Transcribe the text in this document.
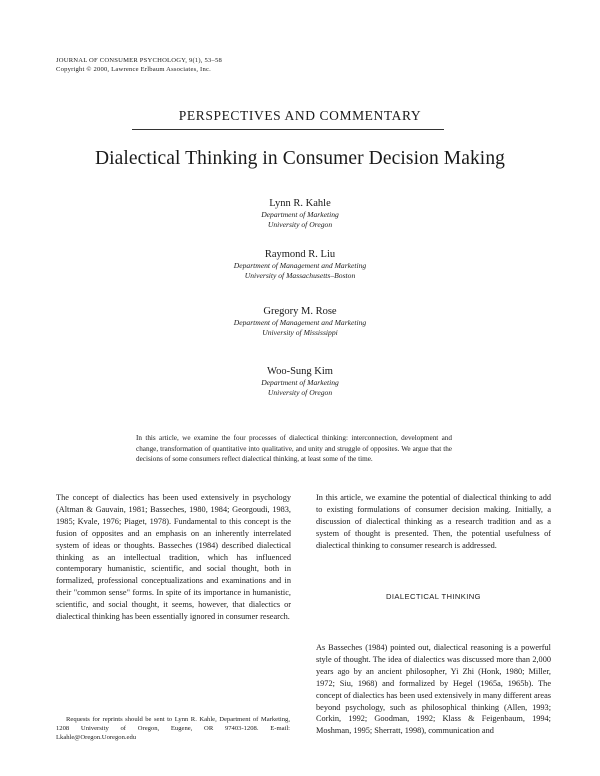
JOURNAL OF CONSUMER PSYCHOLOGY, 9(1), 53–58
Copyright © 2000, Lawrence Erlbaum Associates, Inc.
PERSPECTIVES AND COMMENTARY
Dialectical Thinking in Consumer Decision Making
Lynn R. Kahle
Department of Marketing
University of Oregon
Raymond R. Liu
Department of Management and Marketing
University of Massachusetts–Boston
Gregory M. Rose
Department of Management and Marketing
University of Mississippi
Woo-Sung Kim
Department of Marketing
University of Oregon
In this article, we examine the four processes of dialectical thinking: interconnection, development and change, transformation of quantitative into qualitative, and unity and struggle of opposites. We argue that the decisions of some consumers reflect dialectical thinking, at least some of the time.

The concept of dialectics has been used extensively in psychology (Altman & Gauvain, 1981; Basseches, 1980, 1984; Georgoudi, 1983, 1985; Kvale, 1976; Piaget, 1978). Fundamental to this concept is the fusion of opposites and an emphasis on an inherently interrelated system of ideas or thoughts. Basseches (1984) described dialectical thinking as an intellectual tradition, which has influenced contemporary humanistic, scientific, and social thought, both in formalized, professional conceptualizations and examinations and in their "common sense" forms. In spite of its importance in humanistic, scientific, and social thought, it seems, however, that dialectics or dialectical thinking has been essentially ignored in consumer research.

In this article, we examine the potential of dialectical thinking to add to existing formulations of consumer decision making. Initially, a discussion of dialectical thinking as a research tradition and as a system of thought is presented. Then, the potential usefulness of dialectical thinking to consumer research is addressed.

DIALECTICAL THINKING

As Basseches (1984) pointed out, dialectical reasoning is a powerful style of thought. The idea of dialectics was discussed more than 2,000 years ago by an ancient philosopher, Yi Zhi (Honk, 1980; Miller, 1972; Siu, 1968) and formalized by Hegel (1965a, 1965b). The concept of dialectics has been used extensively in many different areas beyond psychology, such as philosophical thinking (Allen, 1993; Corkin, 1992; Goodman, 1992; Klass & Feigenbaum, 1994; Moshman, 1995; Sherratt, 1998), communication and

Requests for reprints should be sent to Lynn R. Kahle, Department of Marketing, 1208 University of Oregon, Eugene, OR 97403-1208. E-mail: Lkahle@Oregon.Uoregon.edu
